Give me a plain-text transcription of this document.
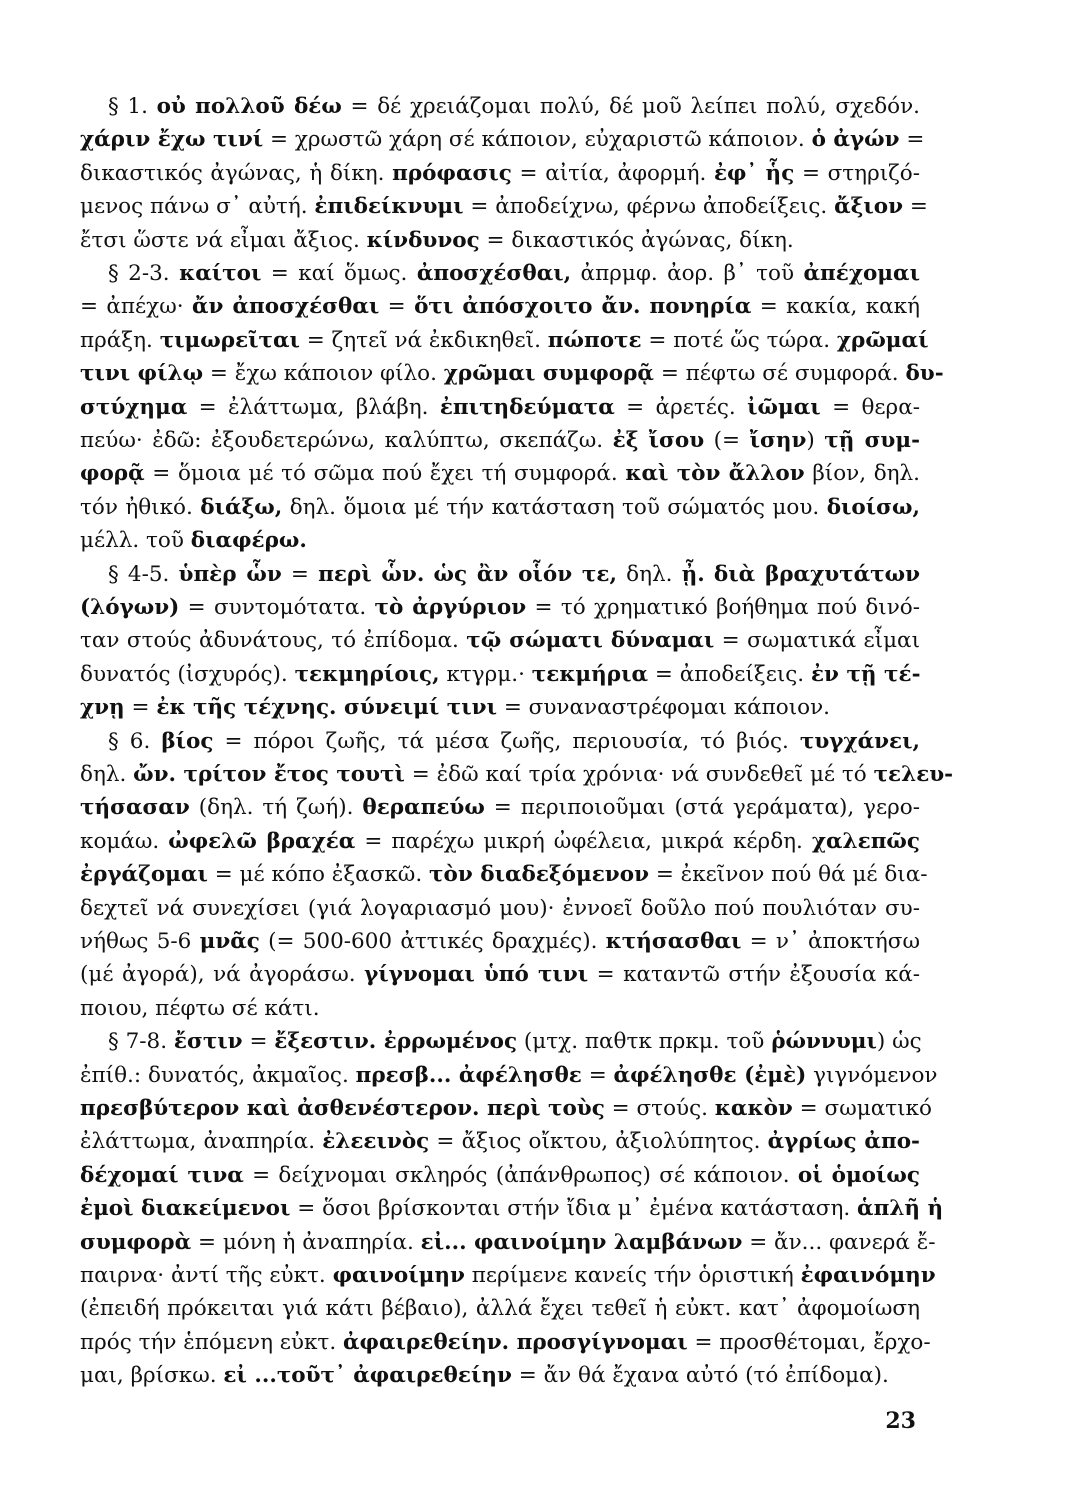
§ 1. οὐ πολλοῦ δέω = δέ χρειάζομαι πολύ, δέ μοῦ λείπει πολύ, σχεδόν.
χάριν ἔχω τινί = χρωστῶ χάρη σέ κάποιον, εὐχαριστῶ κάποιον. ὁ ἀγών =
δικαστικός ἀγώνας, ἡ δίκη. πρόφασις = αἰτία, ἀφορμή. ἐφ᾽ ἧς = στηριζό-
μενος πάνω σ᾽ αὐτή. ἐπιδείκνυμι = ἀποδείχνω, φέρνω ἀποδείξεις. ἄξιον =
ἔτσι ὥστε νά εἶμαι ἄξιος. κίνδυνος = δικαστικός ἀγώνας, δίκη.
§ 2-3. καίτοι = καί ὅμως. ἀποσχέσθαι, ἀπρμφ. ἀορ. β᾽ τοῦ ἀπέχομαι
= ἀπέχω· ἄν ἀποσχέσθαι = ὅτι ἀπόσχοιτο ἄν. πονηρία = κακία, κακή
πράξη. τιμωρεῖται = ζητεῖ νά ἐκδικηθεῖ. πώποτε = ποτέ ὥς τώρα. χρῶμαί
τινι φίλῳ = ἔχω κάποιον φίλο. χρῶμαι συμφορᾷ = πέφτω σέ συμφορά. δυ-
στύχημα = ἐλάττωμα, βλάβη. ἐπιτηδεύματα = ἀρετές. ἰῶμαι = θερα-
πεύω· ἐδῶ: ἐξουδετερώνω, καλύπτω, σκεπάζω. ἐξ ἴσου (= ἴσην) τῇ συμ-
φορᾷ = ὅμοια μέ τό σῶμα πού ἔχει τή συμφορά. καὶ τὸν ἄλλον βίον, δηλ.
τόν ἠθικό. διάξω, δηλ. ὅμοια μέ τήν κατάσταση τοῦ σώματός μου. διοίσω,
μέλλ. τοῦ διαφέρω.
§ 4-5. ὑπὲρ ὧν = περὶ ὧν. ὡς ἂν οἷόν τε, δηλ. ᾖ. διὰ βραχυτάτων
(λόγων) = συντομότατα. τὸ ἀργύριον = τό χρηματικό βοήθημα πού δινό-
ταν στούς ἀδυνάτους, τό ἐπίδομα. τῷ σώματι δύναμαι = σωματικά εἶμαι
δυνατός (ἰσχυρός). τεκμηρίοις, κτγρμ.· τεκμήρια = ἀποδείξεις. ἐν τῇ τέ-
χνῃ = ἐκ τῆς τέχνης. σύνειμί τινι = συναναστρέφομαι κάποιον.
§ 6. βίος = πόροι ζωῆς, τά μέσα ζωῆς, περιουσία, τό βιός. τυγχάνει,
δηλ. ὤν. τρίτον ἔτος τουτὶ = ἐδῶ καί τρία χρόνια· νά συνδεθεῖ μέ τό τελευ-
τήσασαν (δηλ. τή ζωή). θεραπεύω = περιποιοῦμαι (στά γεράματα), γερο-
κομάω. ὠφελῶ βραχέα = παρέχω μικρή ὠφέλεια, μικρά κέρδη. χαλεπῶς
ἐργάζομαι = μέ κόπο ἐξασκῶ. τὸν διαδεξόμενον = ἐκεῖνον πού θά μέ δια-
δεχτεῖ νά συνεχίσει (γιά λογαριασμό μου)· ἐννοεῖ δοῦλο πού πουλιόταν συ-
νήθως 5-6 μνᾶς (= 500-600 ἀττικές δραχμές). κτήσασθαι = ν᾽ ἀποκτήσω
(μέ ἀγορά), νά ἀγοράσω. γίγνομαι ὑπό τινι = καταντῶ στήν ἐξουσία κά-
ποιου, πέφτω σέ κάτι.
§ 7-8. ἔστιν = ἔξεστιν. ἐρρωμένος (μτχ. παθτκ πρκμ. τοῦ ῥώννυμι) ὡς
ἐπίθ.: δυνατός, ἀκμαῖος. πρεσβ... ἀφέλησθε = ἀφέλησθε (ἐμὲ) γιγνόμενον
πρεσβύτερον καὶ ἀσθενέστερον. περὶ τοὺς = στούς. κακὸν = σωματικό
ἐλάττωμα, ἀναπηρία. ἐλεεινὸς = ἄξιος οἴκτου, ἀξιολύπητος. ἀγρίως ἀπο-
δέχομαί τινα = δείχνομαι σκληρός (ἀπάνθρωπος) σέ κάποιον. οἱ ὁμοίως
ἐμοὶ διακείμενοι = ὅσοι βρίσκονται στήν ἴδια μ᾽ ἐμένα κατάσταση. ἁπλῆ ἡ
συμφορὰ = μόνη ἡ ἀναπηρία. εἰ... φαινοίμην λαμβάνων = ἄν... φανερά ἔ-
παιρνα· ἀντί τῆς εὐκτ. φαινοίμην περίμενε κανείς τήν ὁριστική ἐφαινόμην
(ἐπειδή πρόκειται γιά κάτι βέβαιο), ἀλλά ἔχει τεθεῖ ἡ εὐκτ. κατ᾽ ἀφομοίωση
πρός τήν ἑπόμενη εὐκτ. ἀφαιρεθείην. προσγίγνομαι = προσθέτομαι, ἔρχο-
μαι, βρίσκω. εἰ ...τοῦτ᾽ ἀφαιρεθείην = ἄν θά ἔχανα αὐτό (τό ἐπίδομα).
23
